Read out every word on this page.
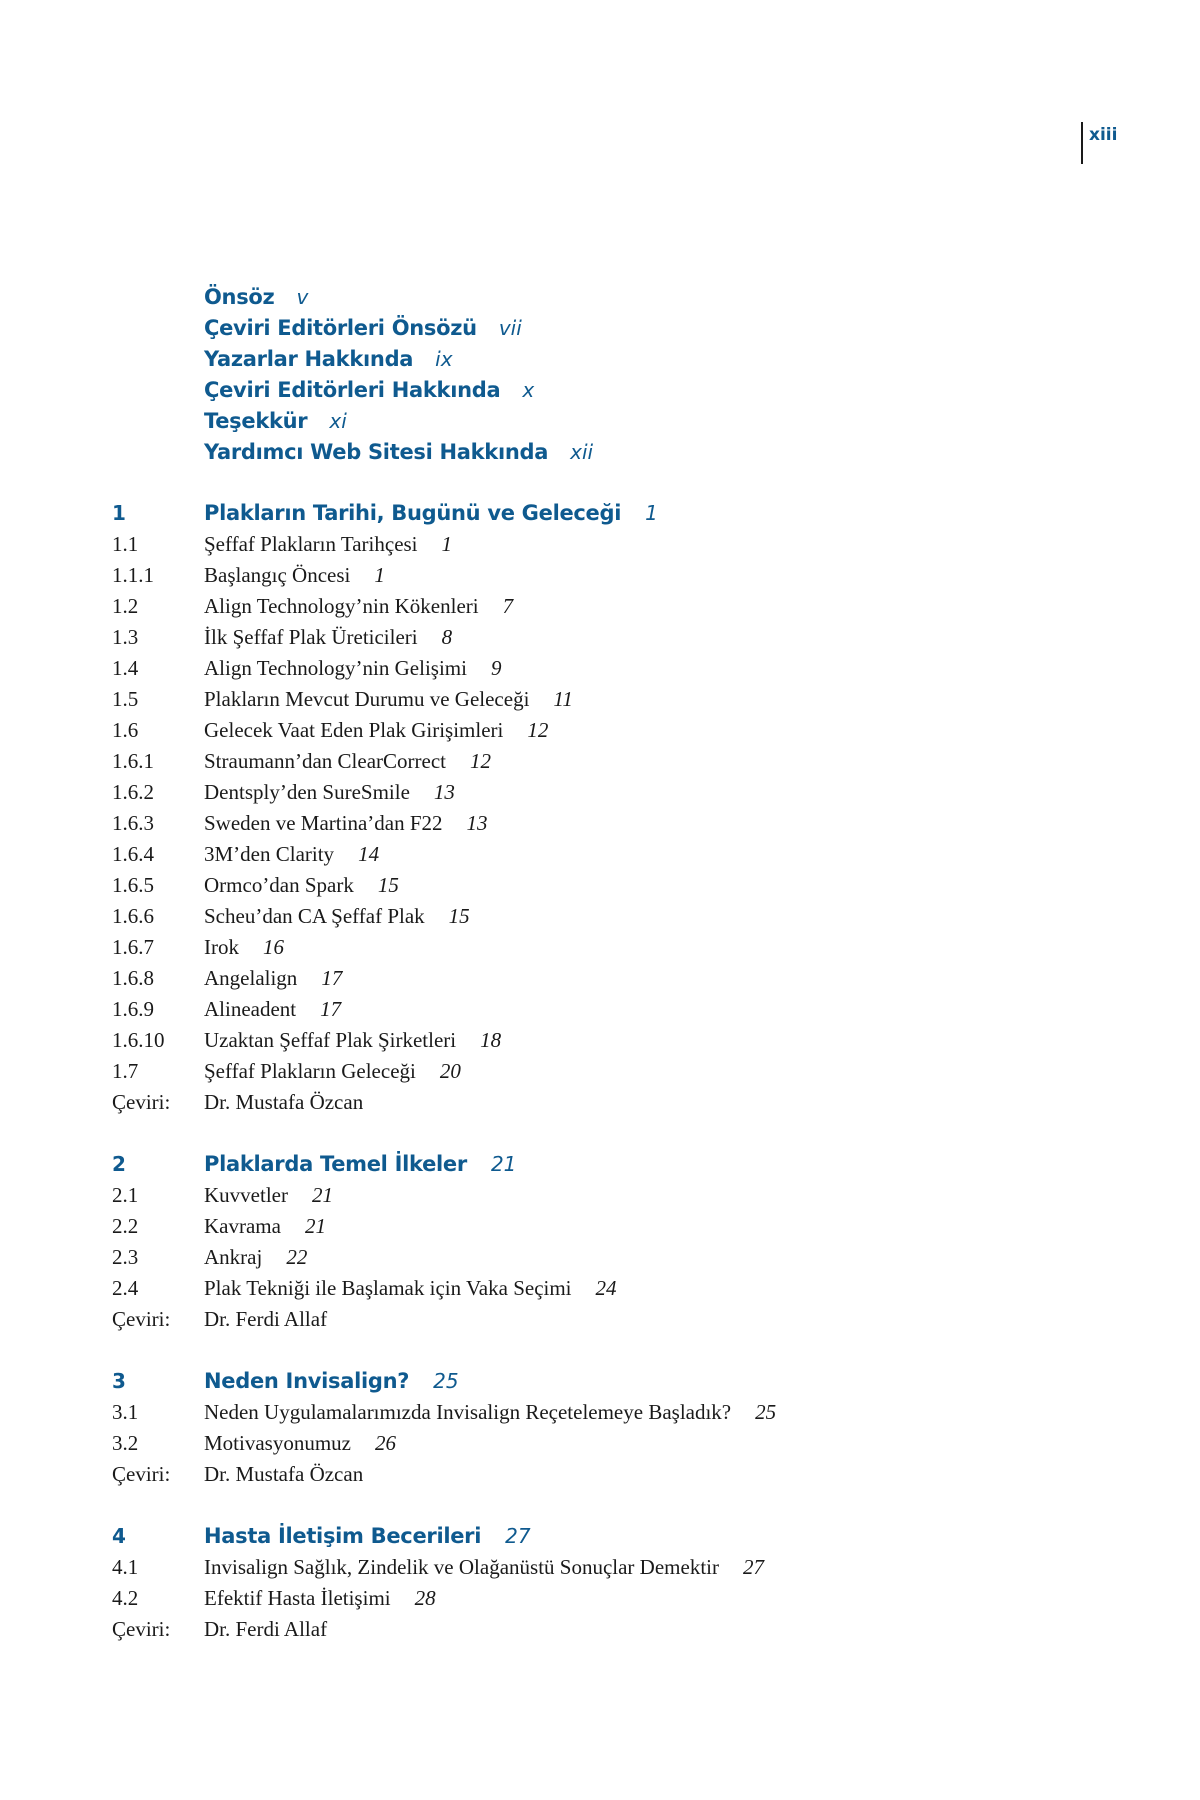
xiii
Önsöz v
Çeviri Editörleri Önsözü vii
Yazarlar Hakkında ix
Çeviri Editörleri Hakkında x
Teşekkür xi
Yardımcı Web Sitesi Hakkında xii
1	Plakların Tarihi, Bugünü ve Geleceği 1
1.1	Şeffaf Plakların Tarihçesi 1
1.1.1	Başlangıç Öncesi 1
1.2	Align Technology’nin Kökenleri 7
1.3	İlk Şeffaf Plak Üreticileri 8
1.4	Align Technology’nin Gelişimi 9
1.5	Plakların Mevcut Durumu ve Geleceği 11
1.6	Gelecek Vaat Eden Plak Girişimleri 12
1.6.1	Straumann’dan ClearCorrect 12
1.6.2	Dentsply’den SureSmile 13
1.6.3	Sweden ve Martina’dan F22 13
1.6.4	3M’den Clarity 14
1.6.5	Ormco’dan Spark 15
1.6.6	Scheu’dan CA Şeffaf Plak 15
1.6.7	Irok 16
1.6.8	Angelalign 17
1.6.9	Alineadent 17
1.6.10	Uzaktan Şeffaf Plak Şirketleri 18
1.7	Şeffaf Plakların Geleceği 20
Çeviri:	Dr. Mustafa Özcan
2	Plaklarda Temel İlkeler 21
2.1	Kuvvetler 21
2.2	Kavrama 21
2.3	Ankraj 22
2.4	Plak Tekniği ile Başlamak için Vaka Seçimi 24
Çeviri:	Dr. Ferdi Allaf
3	Neden Invisalign? 25
3.1	Neden Uygulamalarımızda Invisalign Reçetelemeye Başladık? 25
3.2	Motivasyonumuz 26
Çeviri:	Dr. Mustafa Özcan
4	Hasta İletişim Becerileri 27
4.1	Invisalign Sağlık, Zindelik ve Olağanüstü Sonuçlar Demektir 27
4.2	Efektif Hasta İletişimi 28
Çeviri:	Dr. Ferdi Allaf
